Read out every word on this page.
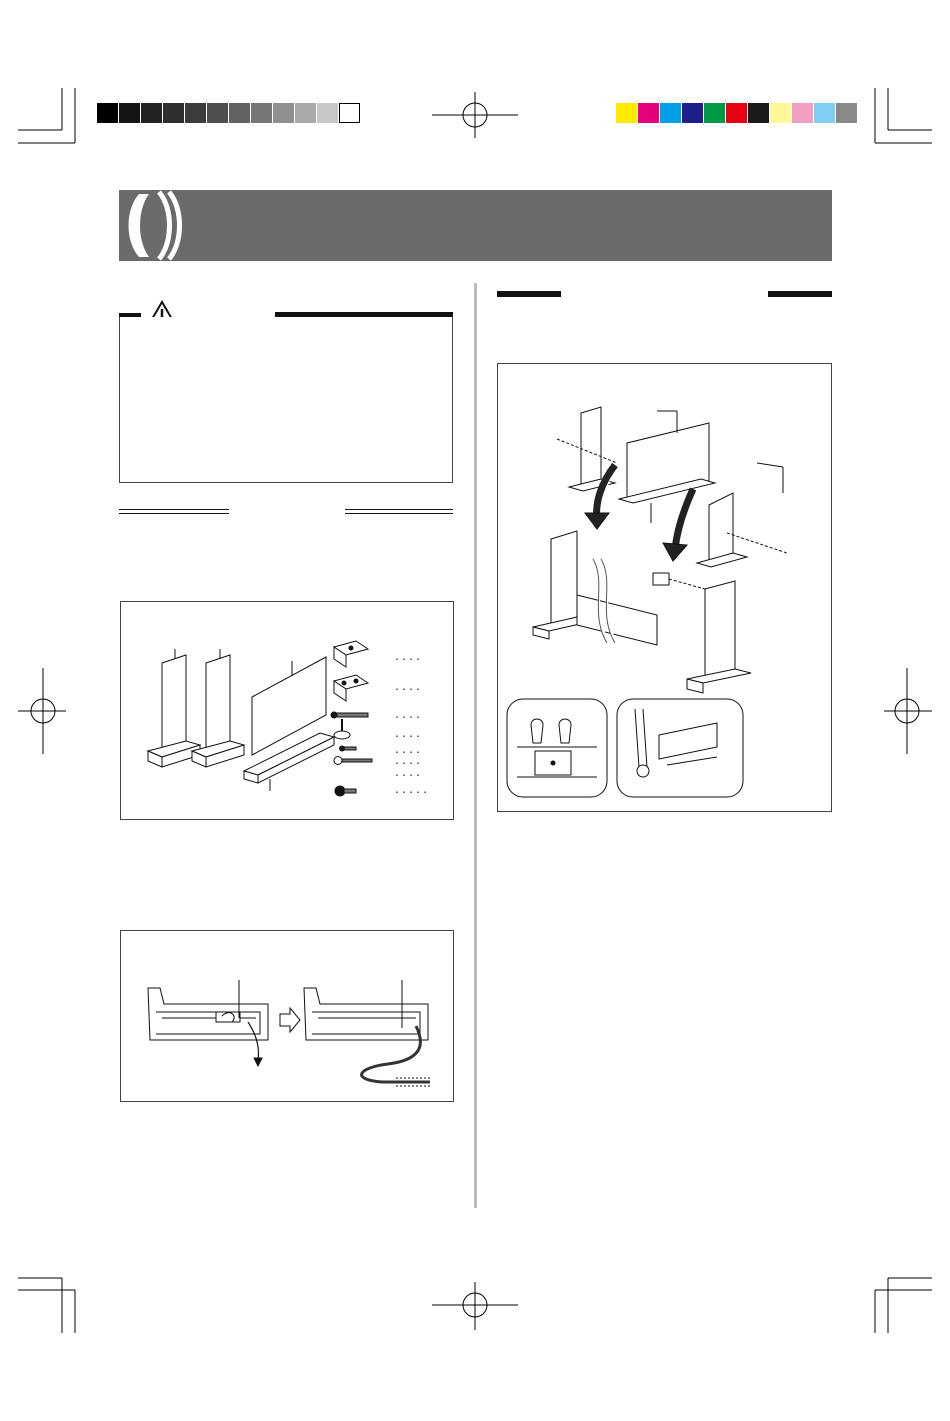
....
....
....
....
....
....
....
.....
